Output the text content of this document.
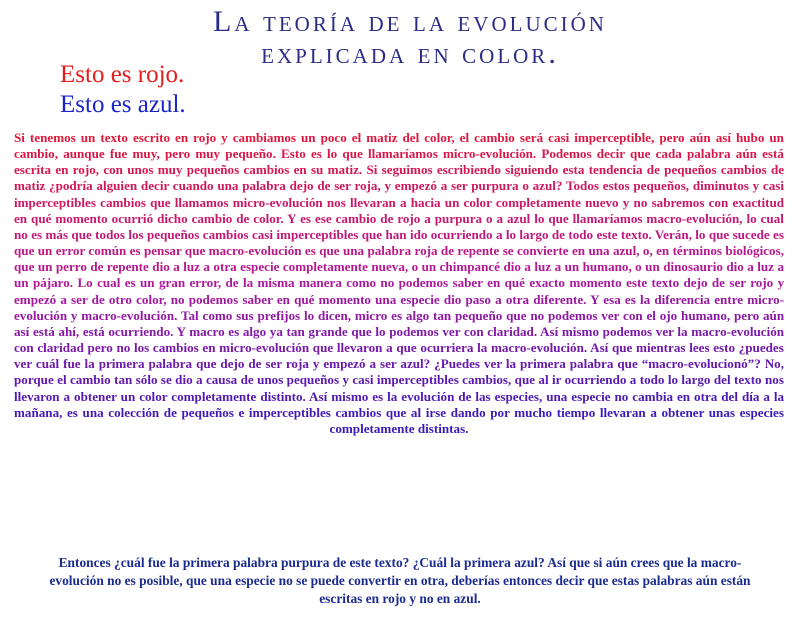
La teoría de la evolución
explicada en color.
Esto es rojo.
Esto es azul.
Si tenemos un texto escrito en rojo y cambiamos un poco el matiz del color, el cambio será casi imperceptible, pero aún así hubo un cambio, aunque fue muy, pero muy pequeño. Esto es lo que llamaríamos micro-evolución. Podemos decir que cada palabra aún está escrita en rojo, con unos muy pequeños cambios en su matiz. Si seguimos escribiendo siguiendo esta tendencia de pequeños cambios de matiz ¿podría alguien decir cuando una palabra dejo de ser roja, y empezó a ser purpura o azul? Todos estos pequeños, diminutos y casi imperceptibles cambios que llamamos micro-evolución nos llevaran a hacia un color completamente nuevo y no sabremos con exactitud en qué momento ocurrió dicho cambio de color. Y es ese cambio de rojo a purpura o a azul lo que llamaríamos macro-evolución, lo cual no es más que todos los pequeños cambios casi imperceptibles que han ido ocurriendo a lo largo de todo este texto. Verán, lo que sucede es que un error común es pensar que macro-evolución es que una palabra roja de repente se convierte en una azul, o, en términos biológicos, que un perro de repente dio a luz a otra especie completamente nueva, o un chimpancé dio a luz a un humano, o un dinosaurio dio a luz a un pájaro. Lo cual es un gran error, de la misma manera como no podemos saber en qué exacto momento este texto dejo de ser rojo y empezó a ser de otro color, no podemos saber en qué momento una especie dio paso a otra diferente. Y esa es la diferencia entre micro-evolución y macro-evolución. Tal como sus prefijos lo dicen, micro es algo tan pequeño que no podemos ver con el ojo humano, pero aún así está ahí, está ocurriendo. Y macro es algo ya tan grande que lo podemos ver con claridad. Así mismo podemos ver la macro-evolución con claridad pero no los cambios en micro-evolución que llevaron a que ocurriera la macro-evolución. Así que mientras lees esto ¿puedes ver cuál fue la primera palabra que dejo de ser roja y empezó a ser azul? ¿Puedes ver la primera palabra que “macro-evolucionó”? No, porque el cambio tan sólo se dio a causa de unos pequeños y casi imperceptibles cambios, que al ir ocurriendo a todo lo largo del texto nos llevaron a obtener un color completamente distinto. Así mismo es la evolución de las especies, una especie no cambia en otra del día a la mañana, es una colección de pequeños e imperceptibles cambios que al irse dando por mucho tiempo llevaran a obtener unas especies completamente distintas.
Entonces ¿cuál fue la primera palabra purpura de este texto? ¿Cuál la primera azul? Así que si aún crees que la macro-evolución no es posible, que una especie no se puede convertir en otra, deberías entonces decir que estas palabras aún están escritas en rojo y no en azul.
